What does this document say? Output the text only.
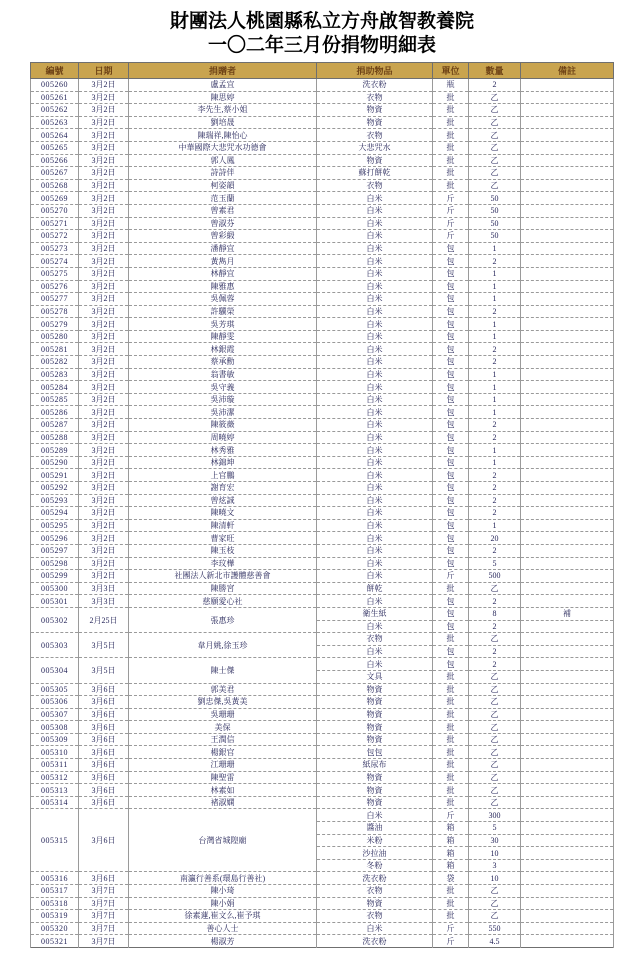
財團法人桃園縣私立方舟啟智教養院
一〇二年三月份捐物明細表
編號	日期	捐贈者	捐助物品	單位	數量	備註
005260	3月2日	盧孟宜	洗衣粉	瓶	2	
005261	3月2日	陳思婷	衣物	批	乙	
005262	3月2日	李先生,蔡小姐	物資	批	乙	
005263	3月2日	劉培晟	物資	批	乙	
005264	3月2日	陳瑞祥,陳怡心	衣物	批	乙	
005265	3月2日	中華國際大悲咒水功德會	大悲咒水	批	乙	
005266	3月2日	郭人鳳	物資	批	乙	
005267	3月2日	詩詩伴	蘇打餅乾	批	乙	
005268	3月2日	柯姿韻	衣物	批	乙	
005269	3月2日	范玉蘭	白米	斤	50	
005270	3月2日	曾素君	白米	斤	50	
005271	3月2日	曾淑芬	白米	斤	50	
005272	3月2日	曾彩緞	白米	斤	50	
005273	3月2日	潘靜宜	白米	包	1	
005274	3月2日	黃雋月	白米	包	2	
005275	3月2日	林靜宜	白米	包	1	
005276	3月2日	陳雅惠	白米	包	1	
005277	3月2日	吳佩蓉	白米	包	1	
005278	3月2日	許驥榮	白米	包	2	
005279	3月2日	吳芳琪	白米	包	1	
005280	3月2日	陳靜雯	白米	包	1	
005281	3月2日	林銀霞	白米	包	2	
005282	3月2日	蔡承勳	白米	包	2	
005283	3月2日	翁書敏	白米	包	1	
005284	3月2日	吳守義	白米	包	1	
005285	3月2日	吳沛璇	白米	包	1	
005286	3月2日	吳沛潔	白米	包	1	
005287	3月2日	陳筱薇	白米	包	2	
005288	3月2日	周曉婷	白米	包	2	
005289	3月2日	林秀雅	白米	包	1	
005290	3月2日	林錦坤	白米	包	1	
005291	3月2日	上官鵬	白米	包	2	
005292	3月2日	謝育宏	白米	包	2	
005293	3月2日	曾炫誠	白米	包	2	
005294	3月2日	陳曉文	白米	包	2	
005295	3月2日	陳清軒	白米	包	1	
005296	3月2日	曹家旺	白米	包	20	
005297	3月2日	陳玉枝	白米	包	2	
005298	3月2日	李玟樺	白米	包	5	
005299	3月2日	社團法人新北市護體慈善會	白米	斤	500	
005300	3月3日	陳勝宮	餅乾	批	乙	
005301	3月3日	慈願愛心社	白米	包	2	
005302	2月25日	張惠珍	衛生紙	包	8	補
			白米	包	2	
005303	3月5日	韋月姚,徐玉珍	衣物	批	乙	
			白米	包	2	
005304	3月5日	陳士傑	白米	包	2	
			文具	批	乙	
005305	3月6日	郭美君	物資	批	乙	
005306	3月6日	劉忠傑,吳黃美	物資	批	乙	
005307	3月6日	吳珊珊	物資	批	乙	
005308	3月6日	美保	物資	批	乙	
005309	3月6日	王潤信	物資	批	乙	
005310	3月6日	楊銀官	包包	批	乙	
005311	3月6日	江珊珊	紙尿布	批	乙	
005312	3月6日	陳聖雷	物資	批	乙	
005313	3月6日	林素如	物資	批	乙	
005314	3月6日	褚淑嫻	物資	批	乙	
005315	3月6日	台灣省城隍廟	白米	斤	300	
			醬油	箱	5	
			米粉	箱	30	
			沙拉油	箱	10	
			冬粉	箱	3	
005316	3月6日	南瀛行善系(環島行善社)	洗衣粉	袋	10	
005317	3月7日	陳小琦	衣物	批	乙	
005318	3月7日	陳小娟	物資	批	乙	
005319	3月7日	徐素蓮,崔文么,崔予琪	衣物	批	乙	
005320	3月7日	善心人士	白米	斤	550	
005321	3月7日	楊淑芳	洗衣粉	斤	4.5	
